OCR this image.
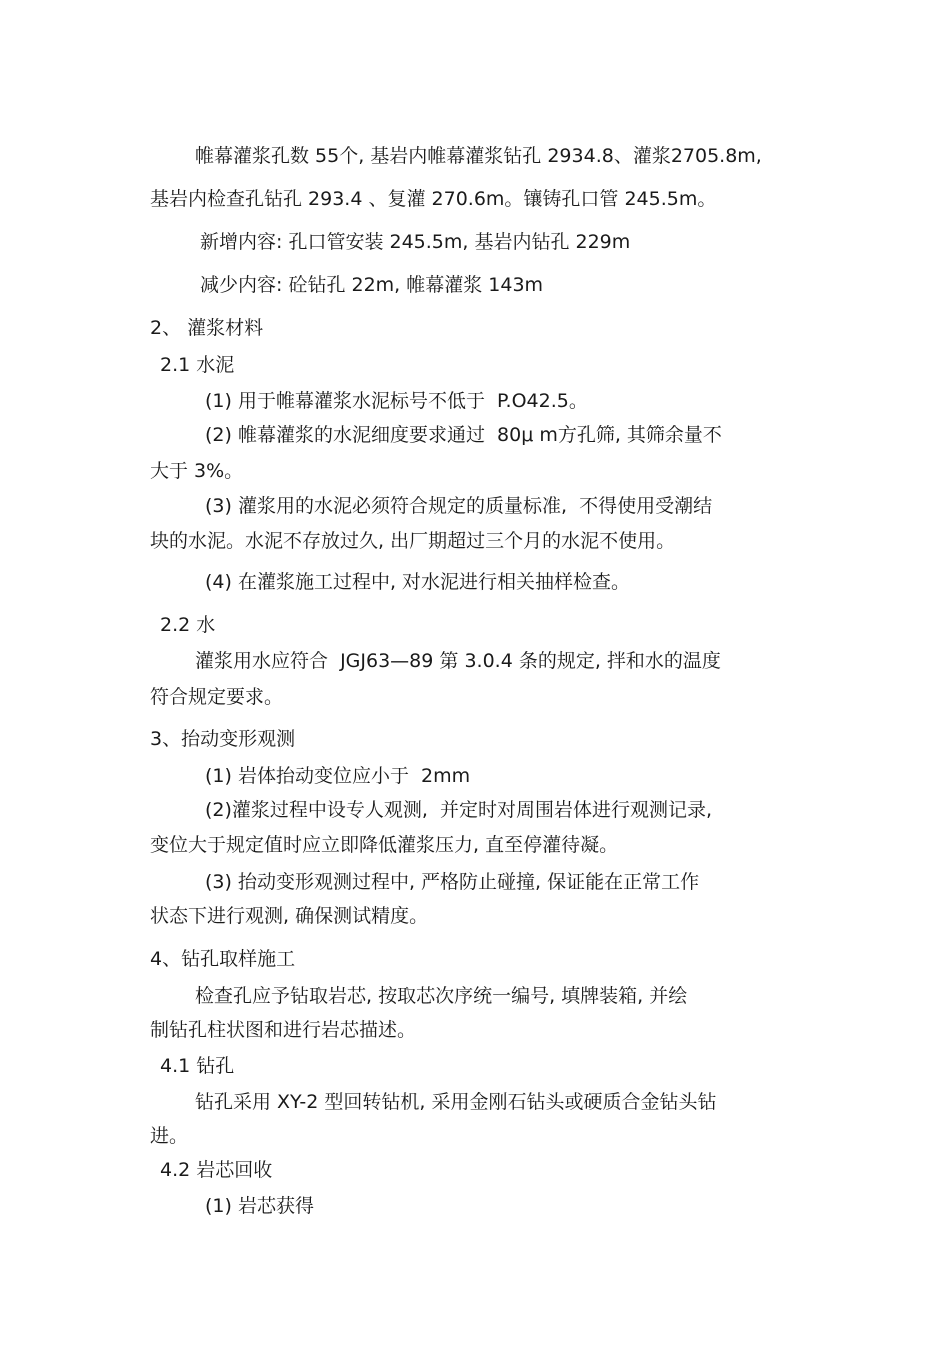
帷幕灌浆孔数 55个, 基岩内帷幕灌浆钻孔 2934.8、灌浆2705.8m,
基岩内检查孔钻孔 293.4 、复灌 270.6m。镶铸孔口管 245.5m。
新增内容: 孔口管安装 245.5m, 基岩内钻孔 229m
减少内容: 砼钻孔 22m, 帷幕灌浆 143m
2、 灌浆材料
2.1 水泥
(1) 用于帷幕灌浆水泥标号不低于  P.O42.5。
(2) 帷幕灌浆的水泥细度要求通过  80μ m方孔筛, 其筛余量不
大于 3%。
(3) 灌浆用的水泥必须符合规定的质量标准,  不得使用受潮结
块的水泥。水泥不存放过久, 出厂期超过三个月的水泥不使用。
(4) 在灌浆施工过程中, 对水泥进行相关抽样检查。
2.2 水
灌浆用水应符合  JGJ63—89 第 3.0.4 条的规定, 拌和水的温度
符合规定要求。
3、抬动变形观测
(1) 岩体抬动变位应小于  2mm
(2)灌浆过程中设专人观测,  并定时对周围岩体进行观测记录,
变位大于规定值时应立即降低灌浆压力, 直至停灌待凝。
(3) 抬动变形观测过程中, 严格防止碰撞, 保证能在正常工作
状态下进行观测, 确保测试精度。
4、钻孔取样施工
检查孔应予钻取岩芯, 按取芯次序统一编号, 填牌装箱, 并绘
制钻孔柱状图和进行岩芯描述。
4.1 钻孔
钻孔采用 XY-2 型回转钻机, 采用金刚石钻头或硬质合金钻头钻
进。
4.2 岩芯回收
(1) 岩芯获得
